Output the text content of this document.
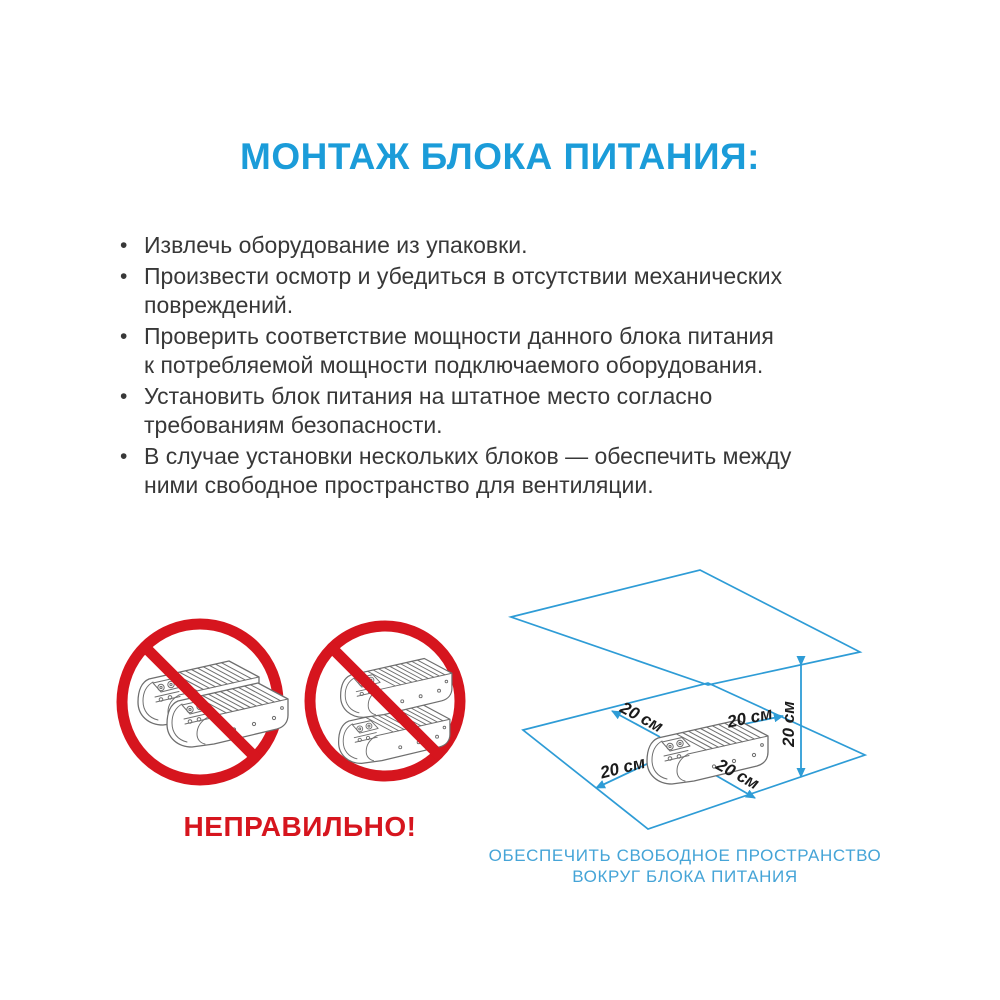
МОНТАЖ БЛОКА ПИТАНИЯ:
• Извлечь оборудование из упаковки.
• Произвести осмотр и убедиться в отсутствии механических
повреждений.
• Проверить соответствие мощности данного блока питания
к потребляемой мощности подключаемого оборудования.
• Установить блок питания на штатное место согласно
требованиям безопасности.
• В случае установки нескольких блоков — обеспечить между
ними свободное пространство для вентиляции.
НЕПРАВИЛЬНО!
20 см	20 см
20 см	20 см
20 см
ОБЕСПЕЧИТЬ СВОБОДНОЕ ПРОСТРАНСТВО
ВОКРУГ БЛОКА ПИТАНИЯ
